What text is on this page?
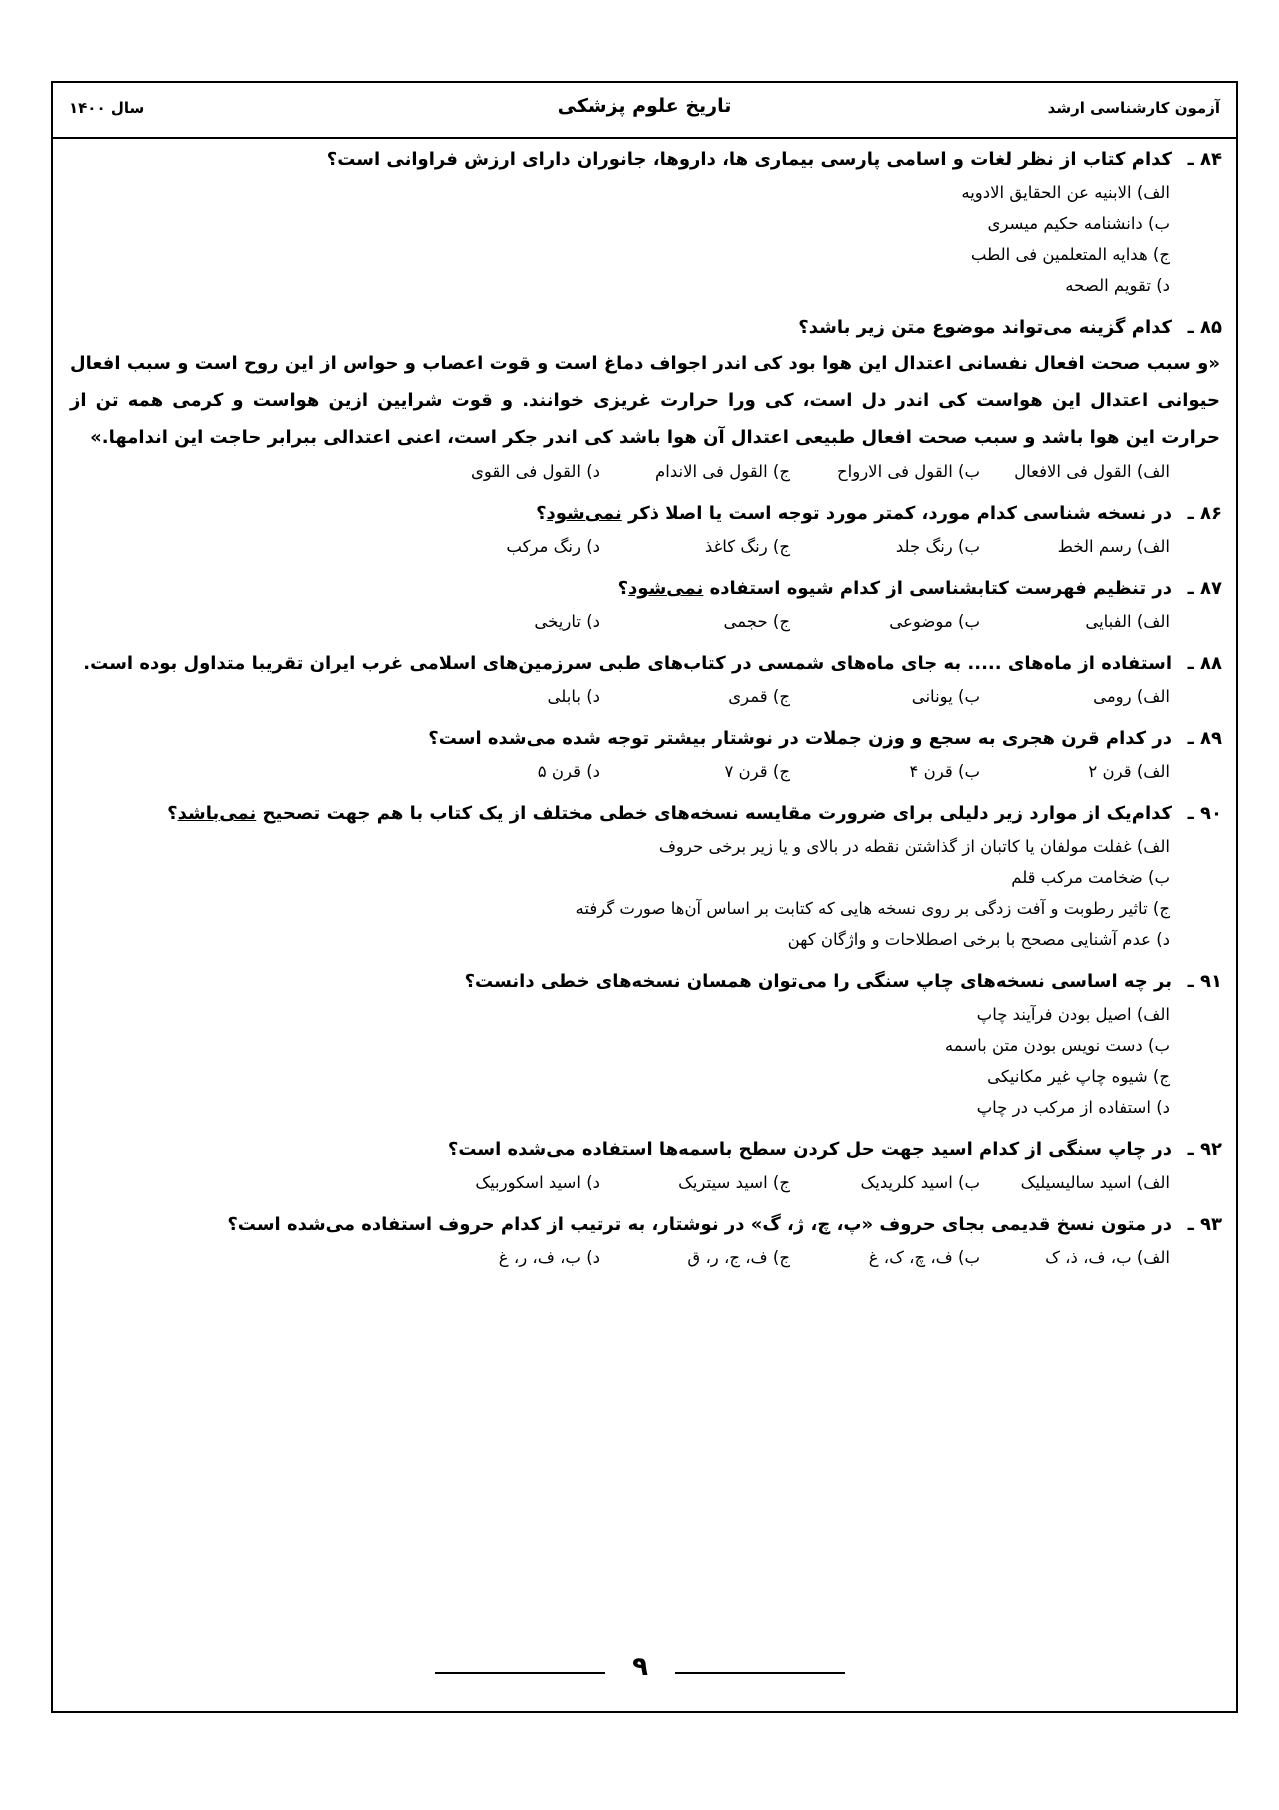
سال ۱۴۰۰	تاریخ علوم پزشکی	آزمون کارشناسی ارشد
۸۴ ـ
کدام کتاب از نظر لغات و اسامی پارسی بیماری ها، داروها، جانوران دارای ارزش فراوانی است؟
الف) الابنیه عن الحقایق الادویه
ب) دانشنامه حکیم میسری
ج) هدایه المتعلمین فی الطب
د) تقویم الصحه
۸۵ ـ
کدام گزینه می‌تواند موضوع متن زیر باشد؟
«و سبب صحت افعال نفسانی اعتدال این هوا بود کی اندر اجواف دماغ است و قوت اعصاب و حواس از این روح است و سبب افعال حیوانی اعتدال این هواست کی اندر دل است، کی ورا حرارت غریزی خوانند. و قوت شرایین ازین هواست و کرمی همه تن از حرارت این هوا باشد و سبب صحت افعال طبیعی اعتدال آن هوا باشد کی اندر جکر است، اعنی اعتدالی ببرابر حاجت این اندامها.»
الف) القول فی الافعال
ب) القول فی الارواح
ج) القول فی الاندام
د) القول فی القوی
۸۶ ـ
در نسخه شناسی کدام مورد، کمتر مورد توجه است یا اصلا ذکر نمی‌شود؟
الف) رسم الخط
ب) رنگ جلد
ج) رنگ کاغذ
د) رنگ مرکب
۸۷ ـ
در تنظیم فهرست کتابشناسی از کدام شیوه استفاده نمی‌شود؟
الف) الفبایی
ب) موضوعی
ج) حجمی
د) تاریخی
۸۸ ـ
استفاده از ماه‌های ..... به جای ماه‌های شمسی در کتاب‌های طبی سرزمین‌های اسلامی غرب ایران تقریبا متداول بوده است.
الف) رومی
ب) یونانی
ج) قمری
د) بابلی
۸۹ ـ
در کدام قرن هجری به سجع و وزن جملات در نوشتار بیشتر توجه شده می‌شده است؟
الف) قرن ۲
ب) قرن ۴
ج) قرن ۷
د) قرن ۵
۹۰ ـ
کدام‌یک از موارد زیر دلیلی برای ضرورت مقایسه نسخه‌های خطی مختلف از یک کتاب با هم جهت تصحیح نمی‌باشد؟
الف) غفلت مولفان یا کاتبان از گذاشتن نقطه در بالای و یا زیر برخی حروف
ب) ضخامت مرکب قلم
ج) تاثیر رطوبت و آفت زدگی بر روی نسخه هایی که کتابت بر اساس آن‌ها صورت گرفته
د) عدم آشنایی مصحح با برخی اصطلاحات و واژگان کهن
۹۱ ـ
بر چه اساسی نسخه‌های چاپ سنگی را می‌توان همسان نسخه‌های خطی دانست؟
الف) اصیل بودن فرآیند چاپ
ب) دست نویس بودن متن باسمه
ج) شیوه چاپ غیر مکانیکی
د) استفاده از مرکب در چاپ
۹۲ ـ
در چاپ سنگی از کدام اسید جهت حل کردن سطح باسمه‌ها استفاده می‌شده است؟
الف) اسید سالیسیلیک
ب) اسید کلریدیک
ج) اسید سیتریک
د) اسید اسکوربیک
۹۳ ـ
در متون نسخ قدیمی بجای حروف «پ، چ، ژ، گ» در نوشتار، به ترتیب از کدام حروف استفاده می‌شده است؟
الف) ب، ف، ذ، ک
ب) ف، چ، ک، غ
ج) ف، ج، ر، ق
د) ب، ف، ر، غ
۹
